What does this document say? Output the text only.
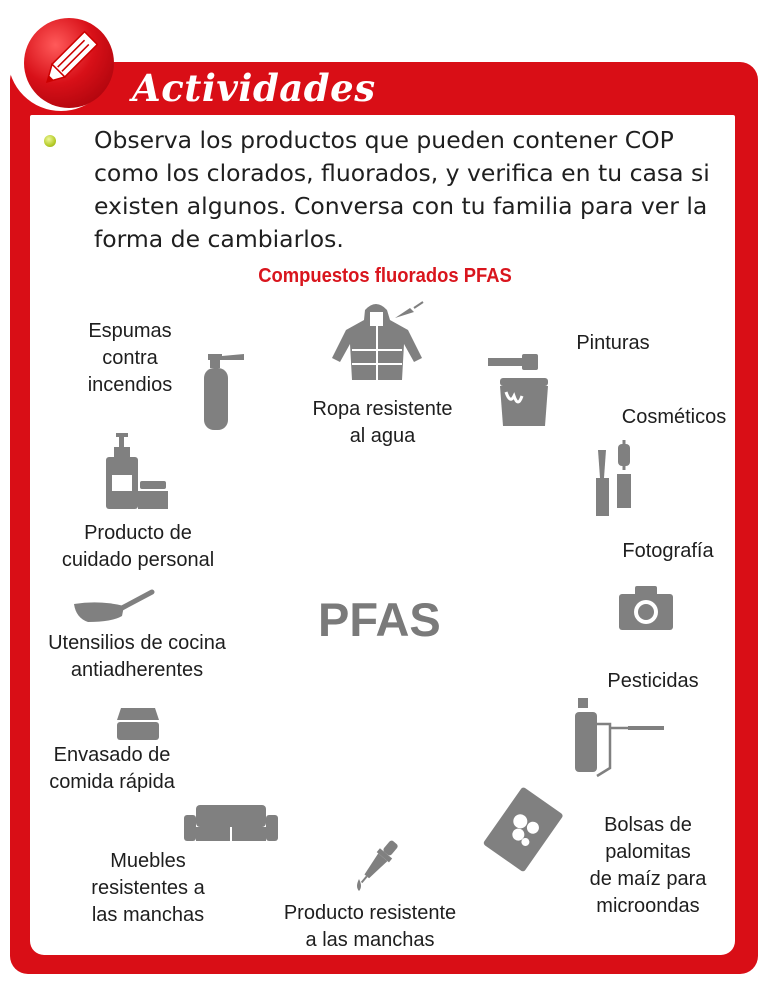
Actividades
Observa los productos que pueden contener COP como los clorados, fluorados, y verifica en tu casa si existen algunos. Conversa con tu familia para ver la forma de cambiarlos.
Compuestos fluorados PFAS
PFAS
Ropa resistente
al agua
Pinturas
Cosméticos
Fotografía
Pesticidas
Bolsas de
palomitas
de maíz para
microondas
Producto resistente
a las manchas
Muebles
resistentes a
las manchas
Envasado de
comida rápida
Utensilios de cocina
antiadherentes
Producto de
cuidado personal
Espumas
contra
incendios
